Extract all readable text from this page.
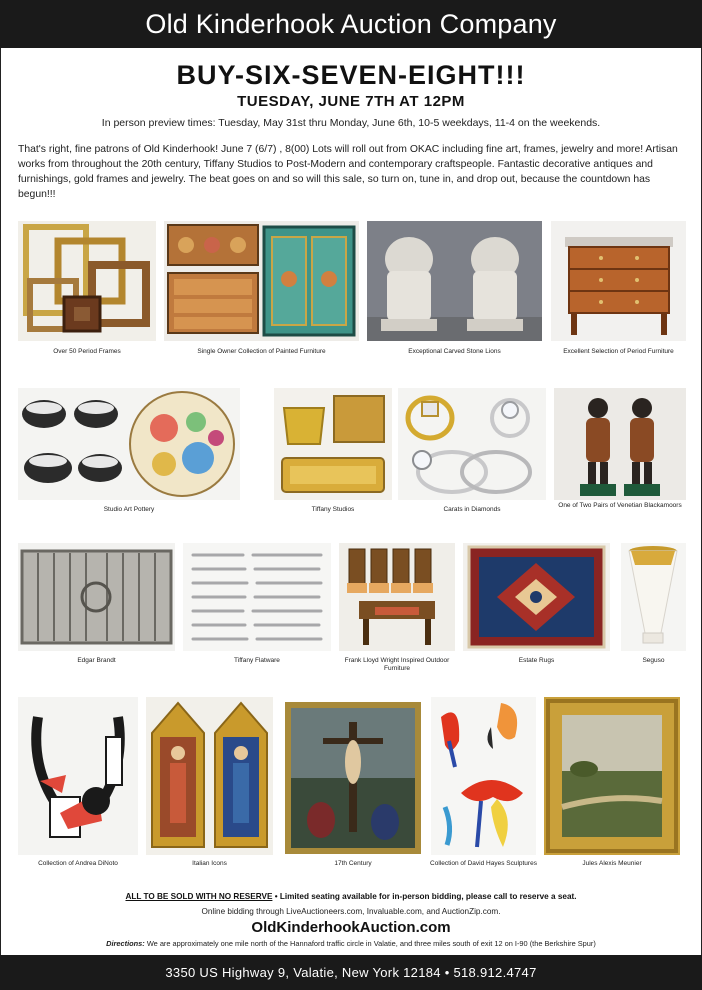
Old Kinderhook Auction Company
BUY-SIX-SEVEN-EIGHT!!!
TUESDAY, JUNE 7TH AT 12PM
In person preview times: Tuesday, May 31st thru Monday, June 6th, 10-5 weekdays, 11-4 on the weekends.
That's right, fine patrons of Old Kinderhook! June 7 (6/7) , 8(00) Lots will roll out from OKAC including fine art, frames, jewelry and more! Artisan works from throughout the 20th century, Tiffany Studios to Post-Modern and contemporary craftspeople. Fantastic decorative antiques and furnishings, gold frames and jewelry. The beat goes on and so will this sale, so turn on, tune in, and drop out, because the countdown has begun!!!
Over 50 Period Frames	Single Owner Collection of Painted Furniture	Exceptional Carved Stone Lions	Excellent Selection of Period Furniture
Studio Art Pottery	Tiffany Studios	Carats in Diamonds
One of Two Pairs of Venetian Blackamoors
Edgar Brandt	Tiffany Flatware	Frank Lloyd Wright Inspired Outdoor Furniture
Estate Rugs	Seguso
Collection of Andrea DiNoto	Italian Icons	17th Century	Collection of David Hayes Sculptures	Jules Alexis Meunier
ALL TO BE SOLD WITH NO RESERVE • Limited seating available for in-person bidding, please call to reserve a seat.
Online bidding through LiveAuctioneers.com, Invaluable.com, and AuctionZip.com.
OldKinderhookAuction.com
Directions: We are approximately one mile north of the Hannaford traffic circle in Valatie, and three miles south of exit 12 on I-90 (the Berkshire Spur)
3350 US Highway 9, Valatie, New York 12184 • 518.912.4747
